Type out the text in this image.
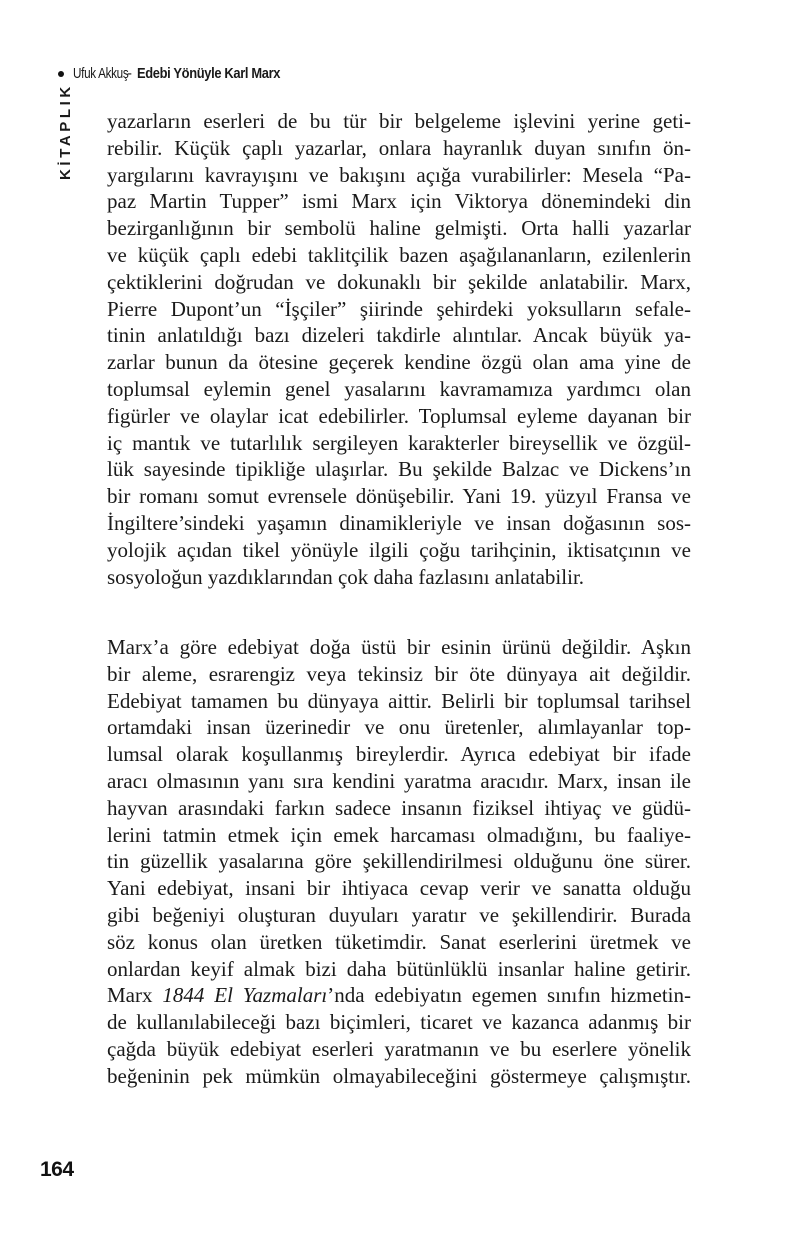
Ufuk Akkuş
- Edebi Yönüyle Karl Marx
KİTAPLIK	yazarların eserleri de bu tür bir belgeleme işlevini yerine geti-
rebilir. Küçük çaplı yazarlar, onlara hayranlık duyan sınıfın ön-
yargılarını kavrayışını ve bakışını açığa vurabilirler: Mesela “Pa-
paz Martin Tupper” ismi Marx için Viktorya dönemindeki din
bezirganlığının bir sembolü haline gelmişti. Orta halli yazarlar
ve küçük çaplı edebi taklitçilik bazen aşağılananların, ezilenlerin
çektiklerini doğrudan ve dokunaklı bir şekilde anlatabilir. Marx,
Pierre Dupont’un “İşçiler” şiirinde şehirdeki yoksulların sefale-
tinin anlatıldığı bazı dizeleri takdirle alıntılar. Ancak büyük ya-
zarlar bunun da ötesine geçerek kendine özgü olan ama yine de
toplumsal eylemin genel yasalarını kavramamıza yardımcı olan
figürler ve olaylar icat edebilirler. Toplumsal eyleme dayanan bir
iç mantık ve tutarlılık sergileyen karakterler bireysellik ve özgül-
lük sayesinde tipikliğe ulaşırlar. Bu şekilde Balzac ve Dickens’ın
bir romanı somut evrensele dönüşebilir. Yani 19. yüzyıl Fransa ve
İngiltere’sindeki yaşamın dinamikleriyle ve insan doğasının sos-
yolojik açıdan tikel yönüyle ilgili çoğu tarihçinin, iktisatçının ve
sosyoloğun yazdıklarından çok daha fazlasını anlatabilir.
Marx’a göre edebiyat doğa üstü bir esinin ürünü değildir. Aşkın
bir aleme, esrarengiz veya tekinsiz bir öte dünyaya ait değildir.
Edebiyat tamamen bu dünyaya aittir. Belirli bir toplumsal tarihsel
ortamdaki insan üzerinedir ve onu üretenler, alımlayanlar top-
lumsal olarak koşullanmış bireylerdir. Ayrıca edebiyat bir ifade
aracı olmasının yanı sıra kendini yaratma aracıdır. Marx, insan ile
hayvan arasındaki farkın sadece insanın fiziksel ihtiyaç ve güdü-
lerini tatmin etmek için emek harcaması olmadığını, bu faaliye-
tin güzellik yasalarına göre şekillendirilmesi olduğunu öne sürer.
Yani edebiyat, insani bir ihtiyaca cevap verir ve sanatta olduğu
gibi beğeniyi oluşturan duyuları yaratır ve şekillendirir. Burada
söz konus olan üretken tüketimdir. Sanat eserlerini üretmek ve
onlardan keyif almak bizi daha bütünlüklü insanlar haline getirir.
Marx 1844 El Yazmaları’nda edebiyatın egemen sınıfın hizmetin-
de kullanılabileceği bazı biçimleri, ticaret ve kazanca adanmış bir
çağda büyük edebiyat eserleri yaratmanın ve bu eserlere yönelik
beğeninin pek mümkün olmayabileceğini göstermeye çalışmıştır.
164
